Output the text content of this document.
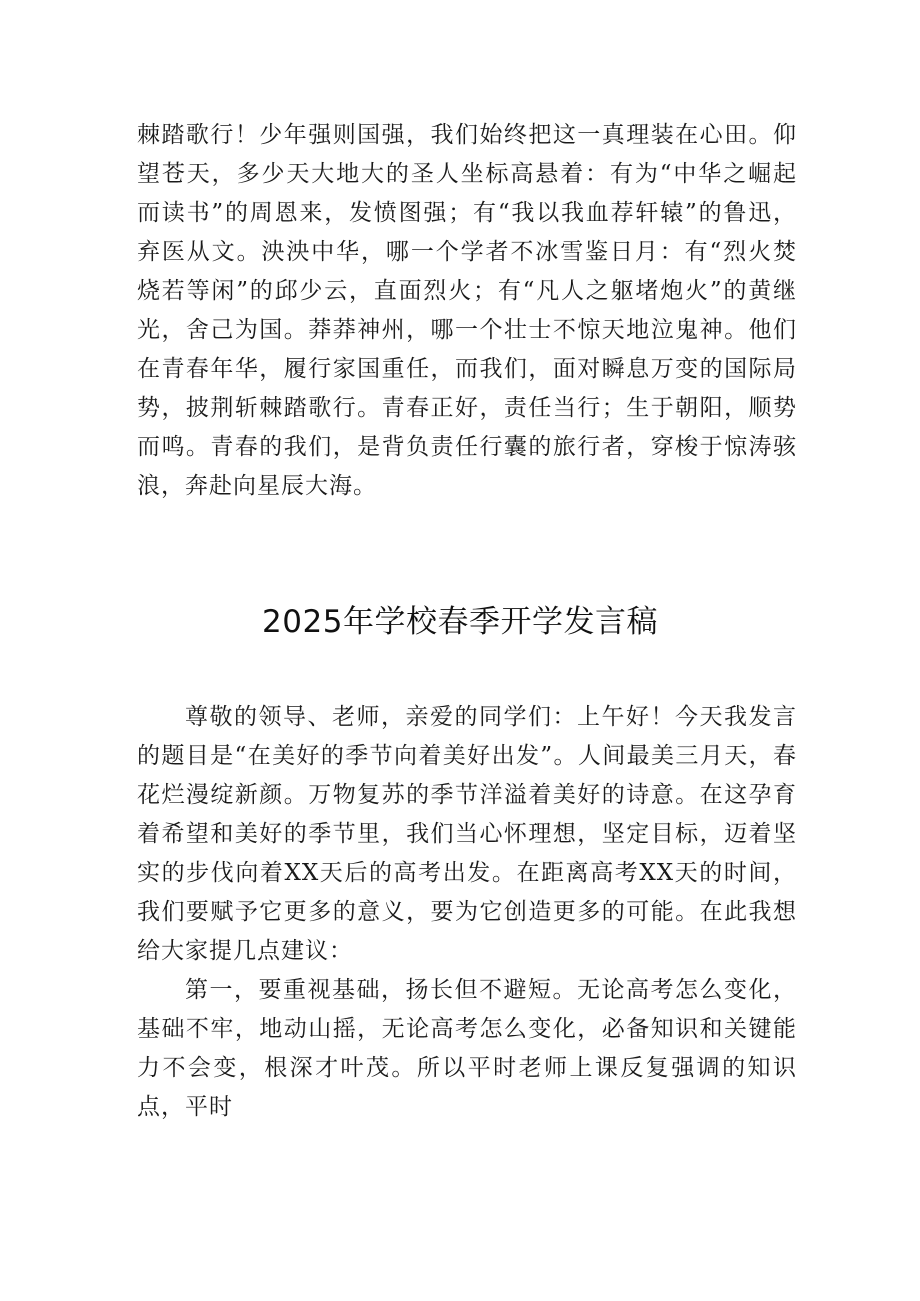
棘踏歌行！少年强则国强，我们始终把这一真理装在心田。仰望苍天，多少天大地大的圣人坐标高悬着：有为“中华之崛起而读书”的周恩来，发愤图强；有“我以我血荐轩辕”的鲁迅，弃医从文。泱泱中华，哪一个学者不冰雪鉴日月：有“烈火焚烧若等闲”的邱少云，直面烈火；有“凡人之躯堵炮火”的黄继光，舍己为国。莽莽神州，哪一个壮士不惊天地泣鬼神。他们在青春年华，履行家国重任，而我们，面对瞬息万变的国际局势，披荆斩棘踏歌行。青春正好，责任当行；生于朝阳，顺势而鸣。青春的我们，是背负责任行囊的旅行者，穿梭于惊涛骇浪，奔赴向星辰大海。

2025年学校春季开学发言稿

尊敬的领导、老师，亲爱的同学们：上午好！今天我发言的题目是“在美好的季节向着美好出发”。人间最美三月天，春花烂漫绽新颜。万物复苏的季节洋溢着美好的诗意。在这孕育着希望和美好的季节里，我们当心怀理想，坚定目标，迈着坚实的步伐向着XX天后的高考出发。在距离高考XX天的时间，我们要赋予它更多的意义，要为它创造更多的可能。在此我想给大家提几点建议：

第一，要重视基础，扬长但不避短。无论高考怎么变化，基础不牢，地动山摇，无论高考怎么变化，必备知识和关键能力不会变，根深才叶茂。所以平时老师上课反复强调的知识点，平时
